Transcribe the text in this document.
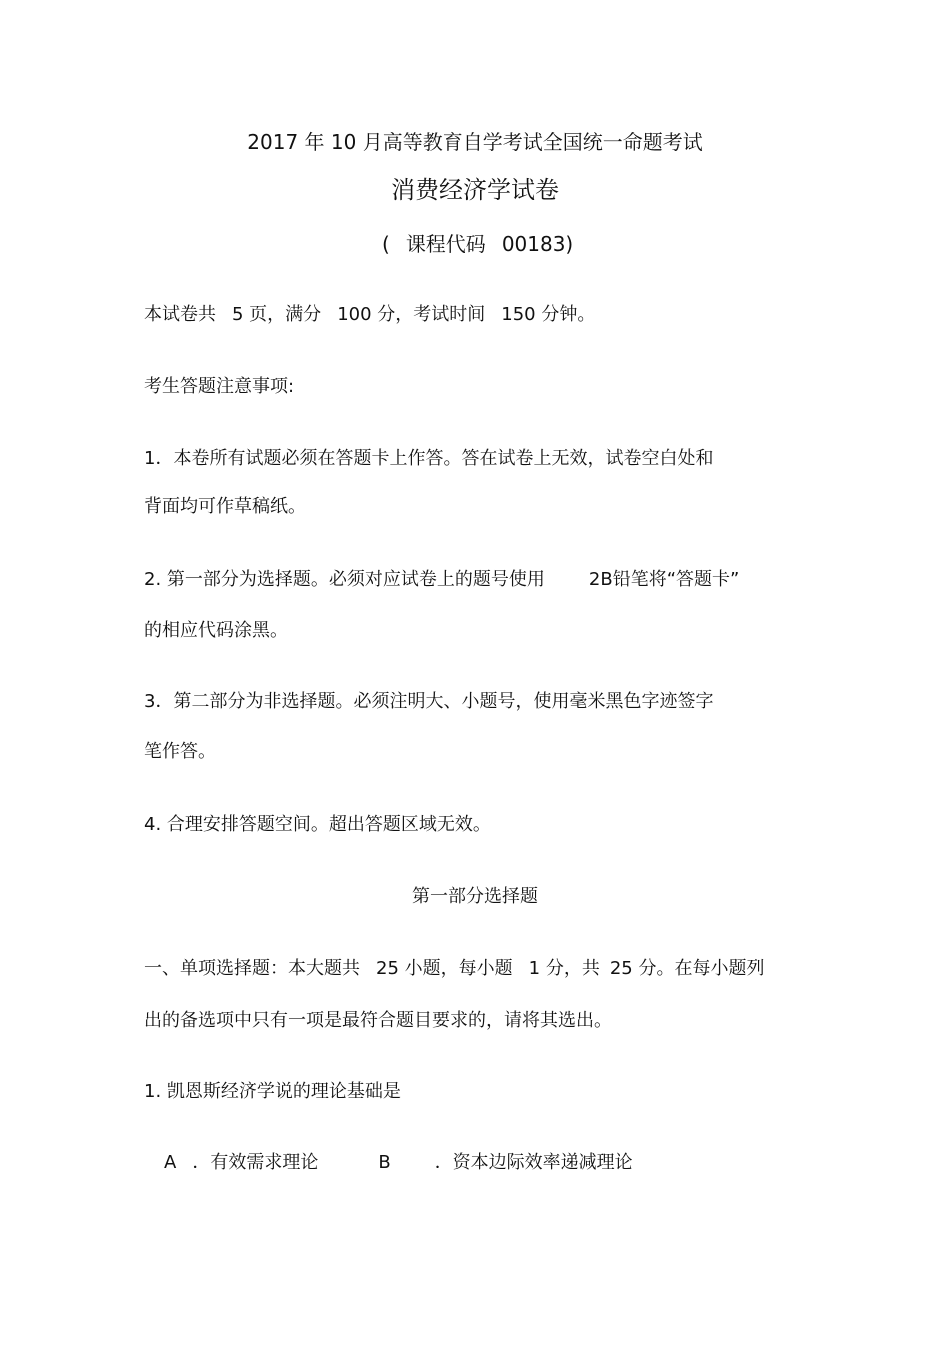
2017 年 10 月高等教育自学考试全国统一命题考试
消费经济学试卷
( 课程代码 00183)
本试卷共 5 页，满分 100 分，考试时间 150 分钟。
考生答题注意事项:
1．本卷所有试题必须在答题卡上作答。答在试卷上无效，试卷空白处和
背面均可作草稿纸。
2. 第一部分为选择题。必须对应试卷上的题号使用 2B铅笔将“答题卡”
的相应代码涂黑。
3．第二部分为非选择题。必须注明大、小题号，使用毫米黑色字迹签字
笔作答。
4. 合理安排答题空间。超出答题区域无效。
第一部分选择题
一、单项选择题：本大题共 25 小题，每小题 1 分，共 25 分。在每小题列
出的备选项中只有一项是最符合题目要求的，请将其选出。
1. 凯恩斯经济学说的理论基础是
A ．有效需求理论	B ．资本边际效率递减理论
